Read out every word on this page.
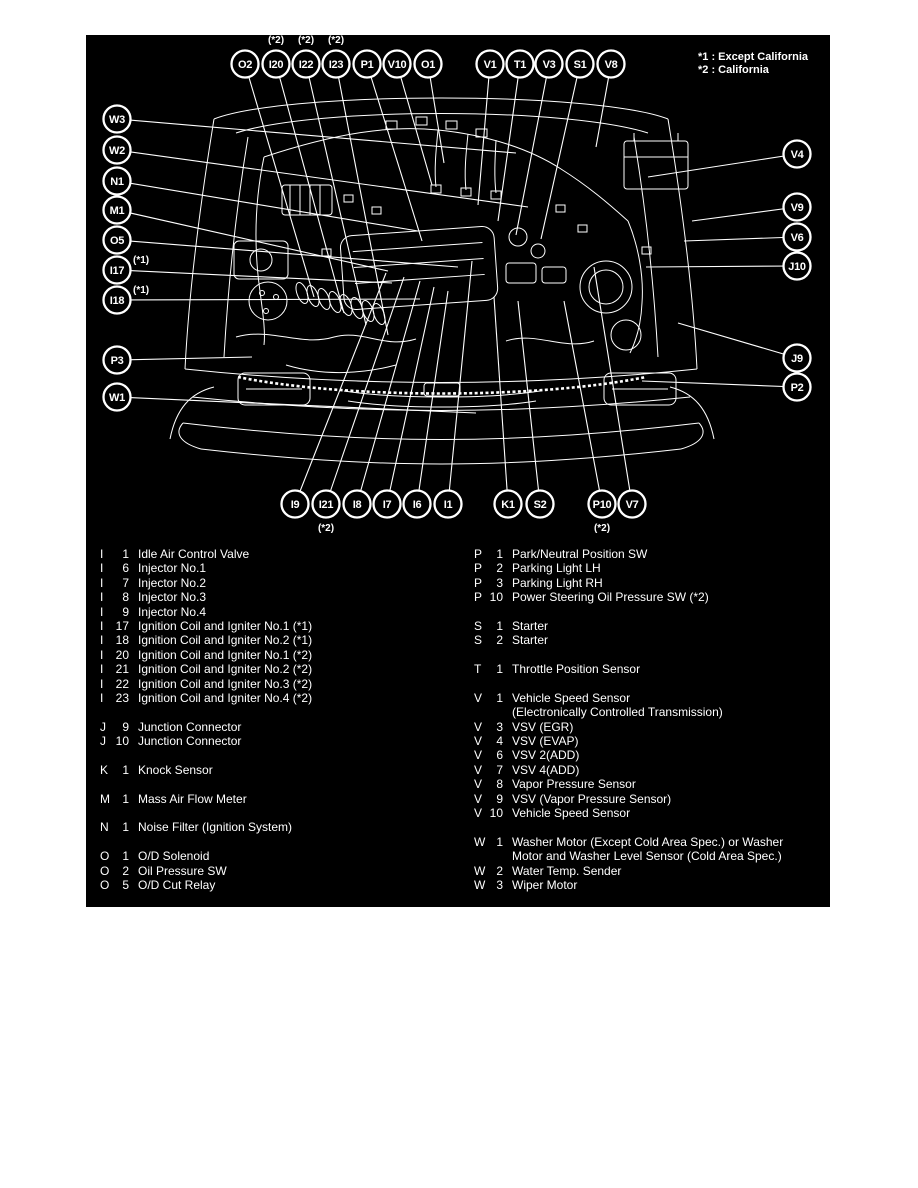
*1 : Except California
*2 : California
O2 I20
(*2)
I22
(*2)
I23
(*2)
P1 V10 O1	V1 T1 V3 S1 V8
W3
W2
N1
M1
O5
I17
(*1)
I18
(*1)
P3
W1
V4
V9
V6
J10
J9
P2
I9 I21
(*2)
I8 I7 I6 I1	K1 S2	P10
(*2)
V7
I 1 Idle Air Control Valve
I 6 Injector No.1
I 7 Injector No.2
I 8 Injector No.3
I 9 Injector No.4
I 17 Ignition Coil and Igniter No.1 (*1)
I 18 Ignition Coil and Igniter No.2 (*1)
I 20 Ignition Coil and Igniter No.1 (*2)
I 21 Ignition Coil and Igniter No.2 (*2)
I 22 Ignition Coil and Igniter No.3 (*2)
I 23 Ignition Coil and Igniter No.4 (*2)
J 9 Junction Connector
J 10 Junction Connector
K 1 Knock Sensor
M 1 Mass Air Flow Meter
N 1 Noise Filter (Ignition System)
O 1 O/D Solenoid
O 2 Oil Pressure SW
O 5 O/D Cut Relay
P 1 Park/Neutral Position SW
P 2 Parking Light LH
P 3 Parking Light RH
P 10 Power Steering Oil Pressure SW (*2)
S 1 Starter
S 2 Starter
T 1 Throttle Position Sensor
V 1 Vehicle Speed Sensor
(Electronically Controlled Transmission)
V 3 VSV (EGR)
V 4 VSV (EVAP)
V 6 VSV 2(ADD)
V 7 VSV 4(ADD)
V 8 Vapor Pressure Sensor
V 9 VSV (Vapor Pressure Sensor)
V 10 Vehicle Speed Sensor
W 1 Washer Motor (Except Cold Area Spec.) or Washer
Motor and Washer Level Sensor (Cold Area Spec.)
W 2 Water Temp. Sender
W 3 Wiper Motor
